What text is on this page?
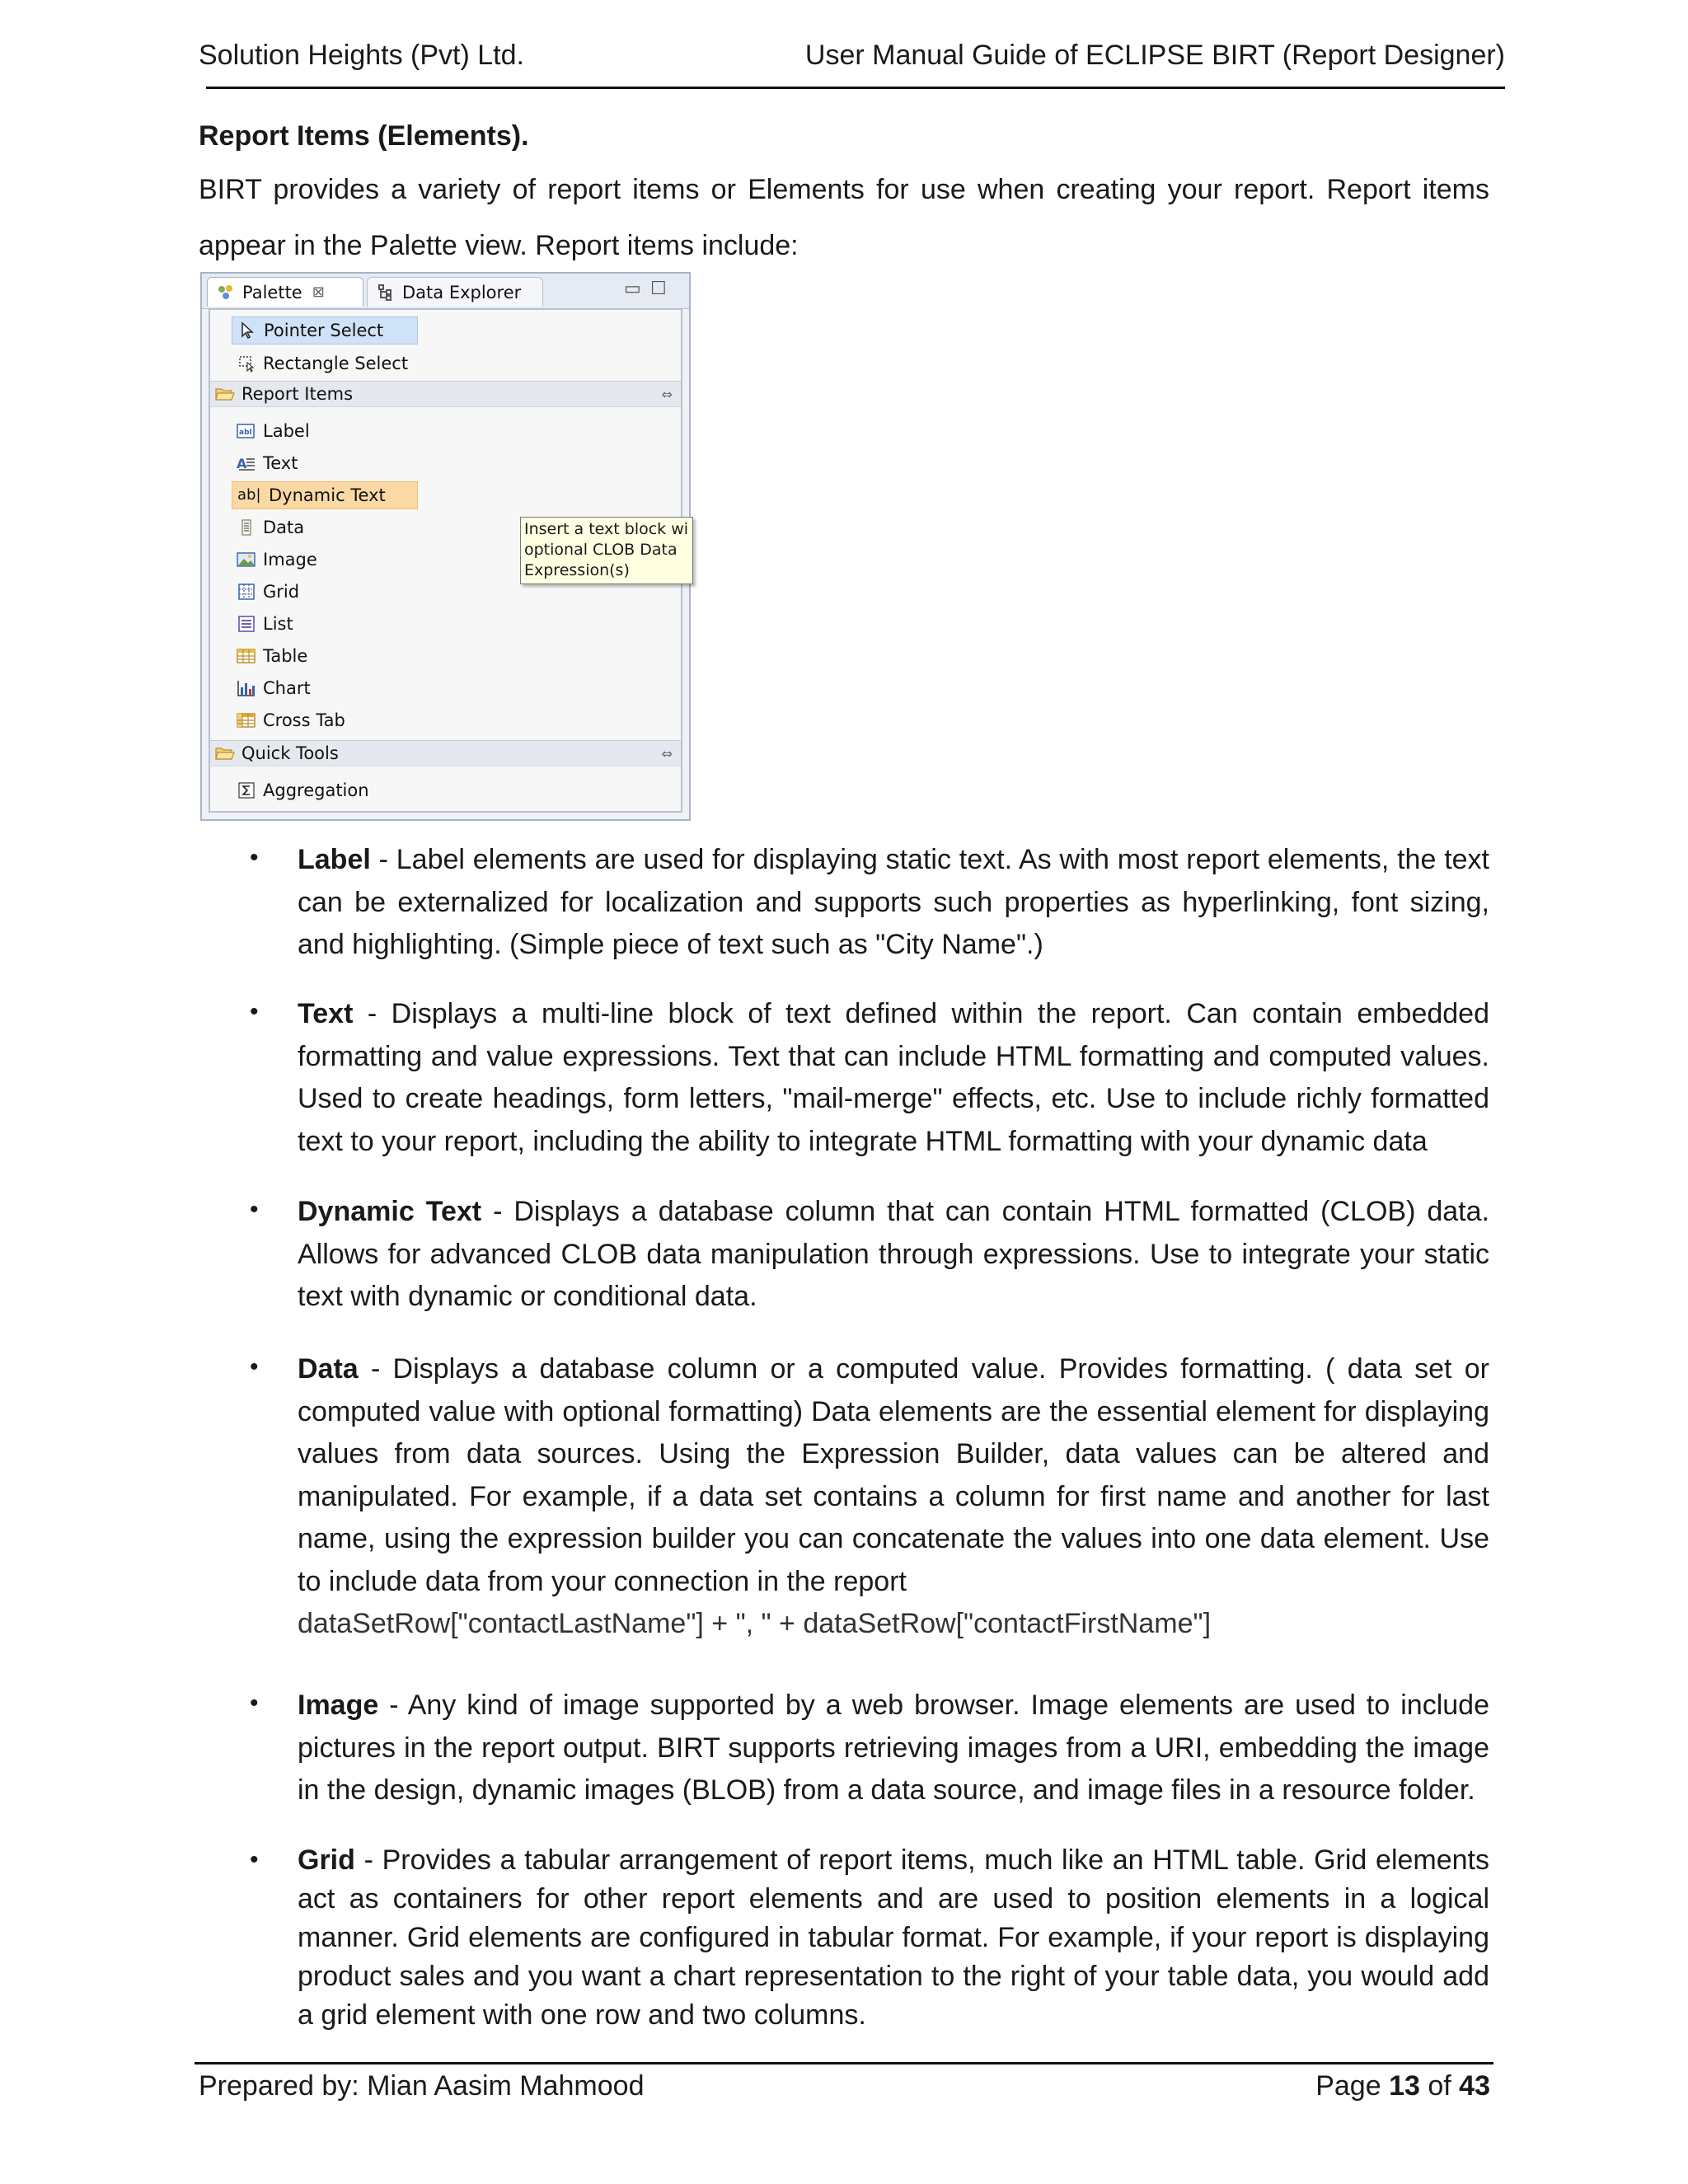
Solution Heights (Pvt) Ltd.	User Manual Guide of ECLIPSE BIRT (Report Designer)
Report Items (Elements).
BIRT provides a variety of report items or Elements for use when creating your report. Report items appear in the Palette view. Report items include:
Palette ⊠	Data Explorer	▭ ☐
Pointer Select
Rectangle Select
Report Items	⇔
abI Label
A Text
ab| Dynamic Text
Data
Image
Grid
List
Table
Chart
Cross Tab
Quick Tools	⇔
Aggregation
Insert a text block wi
optional CLOB Data
Expression(s)
• Label - Label elements are used for displaying static text. As with most report elements, the text can be externalized for localization and supports such properties as hyperlinking, font sizing, and highlighting. (Simple piece of text such as "City Name".)
• Text - Displays a multi-line block of text defined within the report. Can contain embedded formatting and value expressions. Text that can include HTML formatting and computed values. Used to create headings, form letters, "mail-merge" effects, etc. Use to include richly formatted text to your report, including the ability to integrate HTML formatting with your dynamic data
• Dynamic Text - Displays a database column that can contain HTML formatted (CLOB) data. Allows for advanced CLOB data manipulation through expressions. Use to integrate your static text with dynamic or conditional data.
• Data - Displays a database column or a computed value. Provides formatting. ( data set or computed value with optional formatting) Data elements are the essential element for displaying values from data sources. Using the Expression Builder, data values can be altered and manipulated. For example, if a data set contains a column for first name and another for last name, using the expression builder you can concatenate the values into one data element. Use to include data from your connection in the report
dataSetRow["contactLastName"] + ", " + dataSetRow["contactFirstName"]
• Image - Any kind of image supported by a web browser. Image elements are used to include pictures in the report output. BIRT supports retrieving images from a URI, embedding the image in the design, dynamic images (BLOB) from a data source, and image files in a resource folder.
• Grid - Provides a tabular arrangement of report items, much like an HTML table. Grid elements act as containers for other report elements and are used to position elements in a logical manner. Grid elements are configured in tabular format. For example, if your report is displaying product sales and you want a chart representation to the right of your table data, you would add a grid element with one row and two columns.
Prepared by: Mian Aasim Mahmood	Page 13 of 43
